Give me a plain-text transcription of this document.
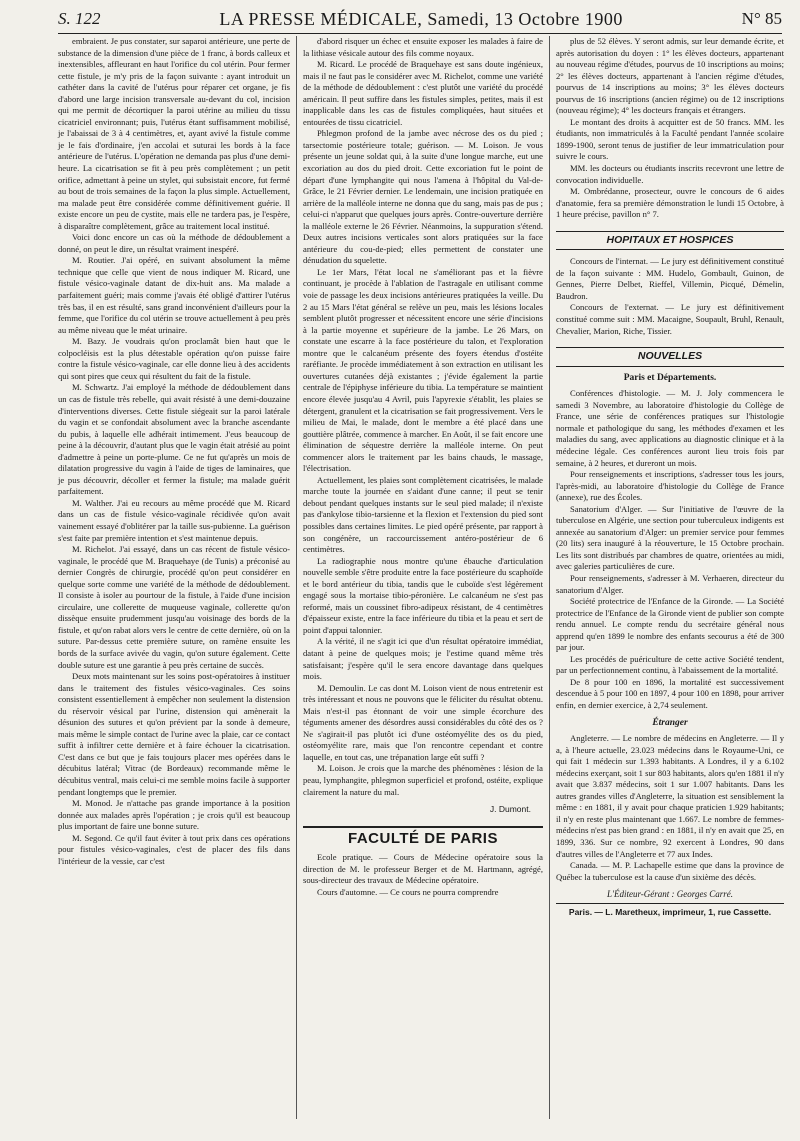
S. 122	LA PRESSE MÉDICALE, Samedi, 13 Octobre 1900	N° 85

embraient. Je pus constater, sur saparoi antérieure, une perte de substance de la dimension d'une pièce de 1 franc, à bords calleux et inextensibles, affleurant en haut l'orifice du col utérin. Pour fermer cette fistule, je m'y pris de la façon suivante : ayant introduit un cathéter dans la cavité de l'utérus pour réparer cet organe, je fis d'abord une large incision transversale au-devant du col, incision qui me permit de décortiquer la paroi utérine au milieu du tissu cicatriciel environnant; puis, l'utérus étant suffisamment mobilisé, je l'abaissai de 3 à 4 centimètres, et, ayant avivé la fistule comme je le fais d'ordinaire, j'en accolai et suturai les bords à la face antérieure de l'utérus. L'opération ne demanda pas plus d'une demi-heure. La cicatrisation se fit à peu près complètement ; un petit orifice, admettant à peine un stylet, qui subsistait encore, fut fermé au bout de trois semaines de la façon la plus simple. Actuellement, ma malade peut être considérée comme définitivement guérie. Il existe encore un peu de cystite, mais elle ne tardera pas, je l'espère, à disparaître complètement, grâce au traitement local institué.

Voici donc encore un cas où la méthode de dédoublement a donné, on peut le dire, un résultat vraiment inespéré.

M. Routier. J'ai opéré, en suivant absolument la même technique que celle que vient de nous indiquer M. Ricard, une fistule vésico-vaginale datant de dix-huit ans. Ma malade a parfaitement guéri; mais comme j'avais été obligé d'attirer l'utérus très bas, il en est résulté, sans grand inconvénient d'ailleurs pour la femme, que l'orifice du col utérin se trouve actuellement à peu près au même niveau que le méat urinaire.

M. Bazy. Je voudrais qu'on proclamât bien haut que le colpocléisis est la plus détestable opération qu'on puisse faire contre la fistule vésico-vaginale, car elle donne lieu à des accidents qui sont pires que ceux qui résultent du fait de la fistule.

M. Schwartz. J'ai employé la méthode de dédoublement dans un cas de fistule très rebelle, qui avait résisté à une demi-douzaine d'interventions diverses. Cette fistule siégeait sur la paroi latérale du vagin et se confondait absolument avec la branche ascendante du pubis, à laquelle elle adhérait intimement. J'eus beaucoup de peine à la découvrir, d'autant plus que le vagin était atrésié au point d'admettre à peine un porte-plume. Ce ne fut qu'après un mois de dilatation progressive du vagin à l'aide de tiges de laminaires, que je pus découvrir, décoller et fermer la fistule; ma malade guérit parfaitement.

M. Walther. J'ai eu recours au même procédé que M. Ricard dans un cas de fistule vésico-vaginale récidivée qu'on avait vainement essayé d'oblitérer par la taille sus-pubienne. La guérison s'est faite par première intention et s'est maintenue depuis.

M. Richelot. J'ai essayé, dans un cas récent de fistule vésico-vaginale, le procédé que M. Braquehaye (de Tunis) a préconisé au dernier Congrès de chirurgie, procédé qu'on peut considérer en quelque sorte comme une variété de la méthode de dédoublement. Il consiste à isoler au pourtour de la fistule, à l'aide d'une incision circulaire, une collerette de muqueuse vaginale, collerette qu'on dissèque ensuite prudemment jusqu'au voisinage des bords de la fistule, et qu'on rabat alors vers le centre de cette dernière, où on la suture. Par-dessus cette première suture, on ramène ensuite les bords de la surface avivée du vagin, qu'on suture également. Cette double suture est une garantie à peu près certaine de succès.

Deux mots maintenant sur les soins post-opératoires à instituer dans le traitement des fistules vésico-vaginales. Ces soins consistent essentiellement à empêcher non seulement la distension du réservoir vésical par l'urine, distension qui amènerait la désunion des sutures et qu'on prévient par la sonde à demeure, mais même le simple contact de l'urine avec la plaie, car ce contact suffit à infiltrer cette dernière et à faire échouer la cicatrisation. C'est dans ce but que je fais toujours placer mes opérées dans le décubitus latéral; Vitrac (de Bordeaux) recommande même le décubitus ventral, mais celui-ci me semble moins facile à supporter pendant longtemps que le premier.

M. Monod. Je n'attache pas grande importance à la position donnée aux malades après l'opération ; je crois qu'il est beaucoup plus important de faire une bonne suture.

M. Segond. Ce qu'il faut éviter à tout prix dans ces opérations pour fistules vésico-vaginales, c'est de placer des fils dans l'intérieur de la vessie, car c'est

d'abord risquer un échec et ensuite exposer les malades à faire de la lithiase vésicale autour des fils comme noyaux.

M. Ricard. Le procédé de Braquehaye est sans doute ingénieux, mais il ne faut pas le considérer avec M. Richelot, comme une variété de la méthode de dédoublement : c'est plutôt une variété du procédé américain. Il peut suffire dans les fistules simples, petites, mais il est inapplicable dans les cas de fistules compliquées, haut situées et entourées de tissu cicatriciel.

Phlegmon profond de la jambe avec nécrose des os du pied ; tarsectomie postérieure totale; guérison. — M. Loison. Je vous présente un jeune soldat qui, à la suite d'une longue marche, eut une excoriation au dos du pied droit. Cette excoriation fut le point de départ d'une lymphangite qui nous l'amena à l'hôpital du Val-de-Grâce, le 21 Février dernier. Le lendemain, une incision pratiquée en arrière de la malléole interne ne donna que du sang, mais pas de pus ; celui-ci n'apparut que quelques jours après. Contre-ouverture derrière la malléole externe le 26 Février. Néanmoins, la suppuration s'étend. Deux autres incisions verticales sont alors pratiquées sur la face antérieure du cou-de-pied; elles permettent de constater une dénudation du squelette.

Le 1er Mars, l'état local ne s'améliorant pas et la fièvre continuant, je procède à l'ablation de l'astragale en utilisant comme voie de passage les deux incisions antérieures pratiquées la veille. Du 2 au 15 Mars l'état général se relève un peu, mais les lésions locales semblent plutôt progresser et nécessitent encore une série d'incisions à la partie moyenne et supérieure de la jambe. Le 26 Mars, on constate une escarre à la face postérieure du talon, et l'exploration montre que le calcanéum présente des foyers étendus d'ostéite raréfiante. Je procède immédiatement à son extraction en utilisant les ouvertures cutanées déjà existantes ; j'évide également la partie centrale de l'épiphyse inférieure du tibia. La température se maintient encore élevée jusqu'au 4 Avril, puis l'apyrexie s'établit, les plaies se détergent, granulent et la cicatrisation se fait progressivement. Vers le milieu de Mai, le malade, dont le membre a été placé dans une gouttière plâtrée, commence à marcher. En Août, il se fait encore une élimination de séquestre derrière la malléole interne. On peut commencer alors le traitement par les bains chauds, le massage, l'électrisation.

Actuellement, les plaies sont complètement cicatrisées, le malade marche toute la journée en s'aidant d'une canne; il peut se tenir debout pendant quelques instants sur le seul pied malade; il n'existe pas d'ankylose tibio-tarsienne et la flexion et l'extension du pied sont possibles dans certaines limites. Le pied opéré présente, par rapport à son congénère, un raccourcissement antéro-postérieur de 6 centimètres.

La radiographie nous montre qu'une ébauche d'articulation nouvelle semble s'être produite entre la face postérieure du scaphoïde et le bord antérieur du tibia, tandis que le cuboïde s'est légèrement engagé sous la mortaise tibio-péronière. Le calcanéum ne s'est pas reformé, mais un coussinet fibro-adipeux résistant, de 4 centimètres d'épaisseur existe, entre la face inférieure du tibia et la peau et sert de point d'appui talonnier.

A la vérité, il ne s'agit ici que d'un résultat opératoire immédiat, datant à peine de quelques mois; je l'estime quand même très satisfaisant; j'espère qu'il le sera encore davantage dans quelques mois.

M. Demoulin. Le cas dont M. Loison vient de nous entretenir est très intéressant et nous ne pouvons que le féliciter du résultat obtenu. Mais n'est-il pas étonnant de voir une simple écorchure des téguments amener des désordres aussi considérables du côté des os ? Ne s'agirait-il pas plutôt ici d'une ostéomyélite des os du pied, ostéomyélite rare, mais que l'on rencontre cependant et contre laquelle, en tout cas, une trépanation large eût suffi ?

M. Loison. Je crois que la marche des phénomènes : lésion de la peau, lymphangite, phlegmon superficiel et profond, ostéite, explique clairement la nature du mal.

J. Dumont.
FACULTÉ DE PARIS

Ecole pratique. — Cours de Médecine opératoire sous la direction de M. le professeur Berger et de M. Hartmann, agrégé, sous-directeur des travaux de Médecine opératoire.

Cours d'automne. — Ce cours ne pourra comprendre

plus de 52 élèves. Y seront admis, sur leur demande écrite, et après autorisation du doyen : 1° les élèves docteurs, appartenant au nouveau régime d'études, pourvus de 10 inscriptions au moins; 2° les élèves docteurs, appartenant à l'ancien régime d'études, pourvus de 14 inscriptions au moins; 3° les élèves docteurs pourvus de 16 inscriptions (ancien régime) ou de 12 inscriptions (nouveau régime); 4° les docteurs français et étrangers.

Le montant des droits à acquitter est de 50 francs. MM. les étudiants, non immatriculés à la Faculté pendant l'année scolaire 1899-1900, seront tenus de justifier de leur immatriculation pour suivre le cours.

MM. les docteurs ou étudiants inscrits recevront une lettre de convocation individuelle.

M. Ombrédanne, prosecteur, ouvre le concours de 6 aides d'anatomie, fera sa première démonstration le lundi 15 Octobre, à 1 heure précise, pavillon n° 7.

HOPITAUX ET HOSPICES

Concours de l'internat. — Le jury est définitivement constitué de la façon suivante : MM. Hudelo, Gombault, Guinon, de Gennes, Pierre Delbet, Rieffel, Villemin, Picqué, Démelin, Baudron.

Concours de l'externat. — Le jury est définitivement constitué comme suit : MM. Macaigne, Soupault, Bruhl, Renault, Chevalier, Marion, Riche, Tissier.

NOUVELLES
Paris et Départements.

Conférences d'histologie. — M. J. Joly commencera le samedi 3 Novembre, au laboratoire d'histologie du Collège de France, une série de conférences pratiques sur l'histologie normale et pathologique du sang, les méthodes d'examen et les maladies du sang, avec applications au diagnostic clinique et à la médecine légale. Ces conférences auront lieu trois fois par semaine, à 2 heures, et dureront un mois.

Pour renseignements et inscriptions, s'adresser tous les jours, l'après-midi, au laboratoire d'histologie du Collège de France (annexe), rue des Écoles.

Sanatorium d'Alger. — Sur l'initiative de l'œuvre de la tuberculose en Algérie, une section pour tuberculeux indigents est annexée au sanatorium d'Alger: un premier service pour femmes (20 lits) sera inauguré à la réouverture, le 15 Octobre prochain. Les lits sont distribués par chambres de quatre, orientées au midi, avec galeries particulières de cure.

Pour renseignements, s'adresser à M. Verhaeren, directeur du sanatorium d'Alger.

Société protectrice de l'Enfance de la Gironde. — La Société protectrice de l'Enfance de la Gironde vient de publier son compte rendu annuel. Le compte rendu du secrétaire général nous apprend qu'en 1899 le nombre des enfants secourus a été de 300 par jour.

Les procédés de puériculture de cette active Société tendent, par un perfectionnement continu, à l'abaissement de la mortalité.

De 8 pour 100 en 1896, la mortalité est successivement descendue à 5 pour 100 en 1897, 4 pour 100 en 1898, pour arriver enfin, en dernier exercice, à 2,74 seulement.

Étranger

Angleterre. — Le nombre de médecins en Angleterre. — Il y a, à l'heure actuelle, 23.023 médecins dans le Royaume-Uni, ce qui fait 1 médecin sur 1.393 habitants. A Londres, il y a 6.102 médecins exerçant, soit 1 sur 803 habitants, alors qu'en 1881 il n'y avait que 3.837 médecins, soit 1 sur 1.007 habitants. Dans les autres grandes villes d'Angleterre, la situation est sensiblement la même : en 1881, il y avait pour chaque praticien 1.929 habitants; il n'y en reste plus maintenant que 1.667. Le nombre de femmes-médecins n'est pas bien grand : en 1881, il n'y en avait que 25, en 1899, 336. Sur ce nombre, 92 exercent à Londres, 90 dans d'autres villes de l'Angleterre et 77 aux Indes.

Canada. — M. P. Lachapelle estime que dans la province de Québec la tuberculose est la cause d'un sixième des décès.

L'Éditeur-Gérant : Georges Carré.
Paris. — L. Maretheux, imprimeur, 1, rue Cassette.
